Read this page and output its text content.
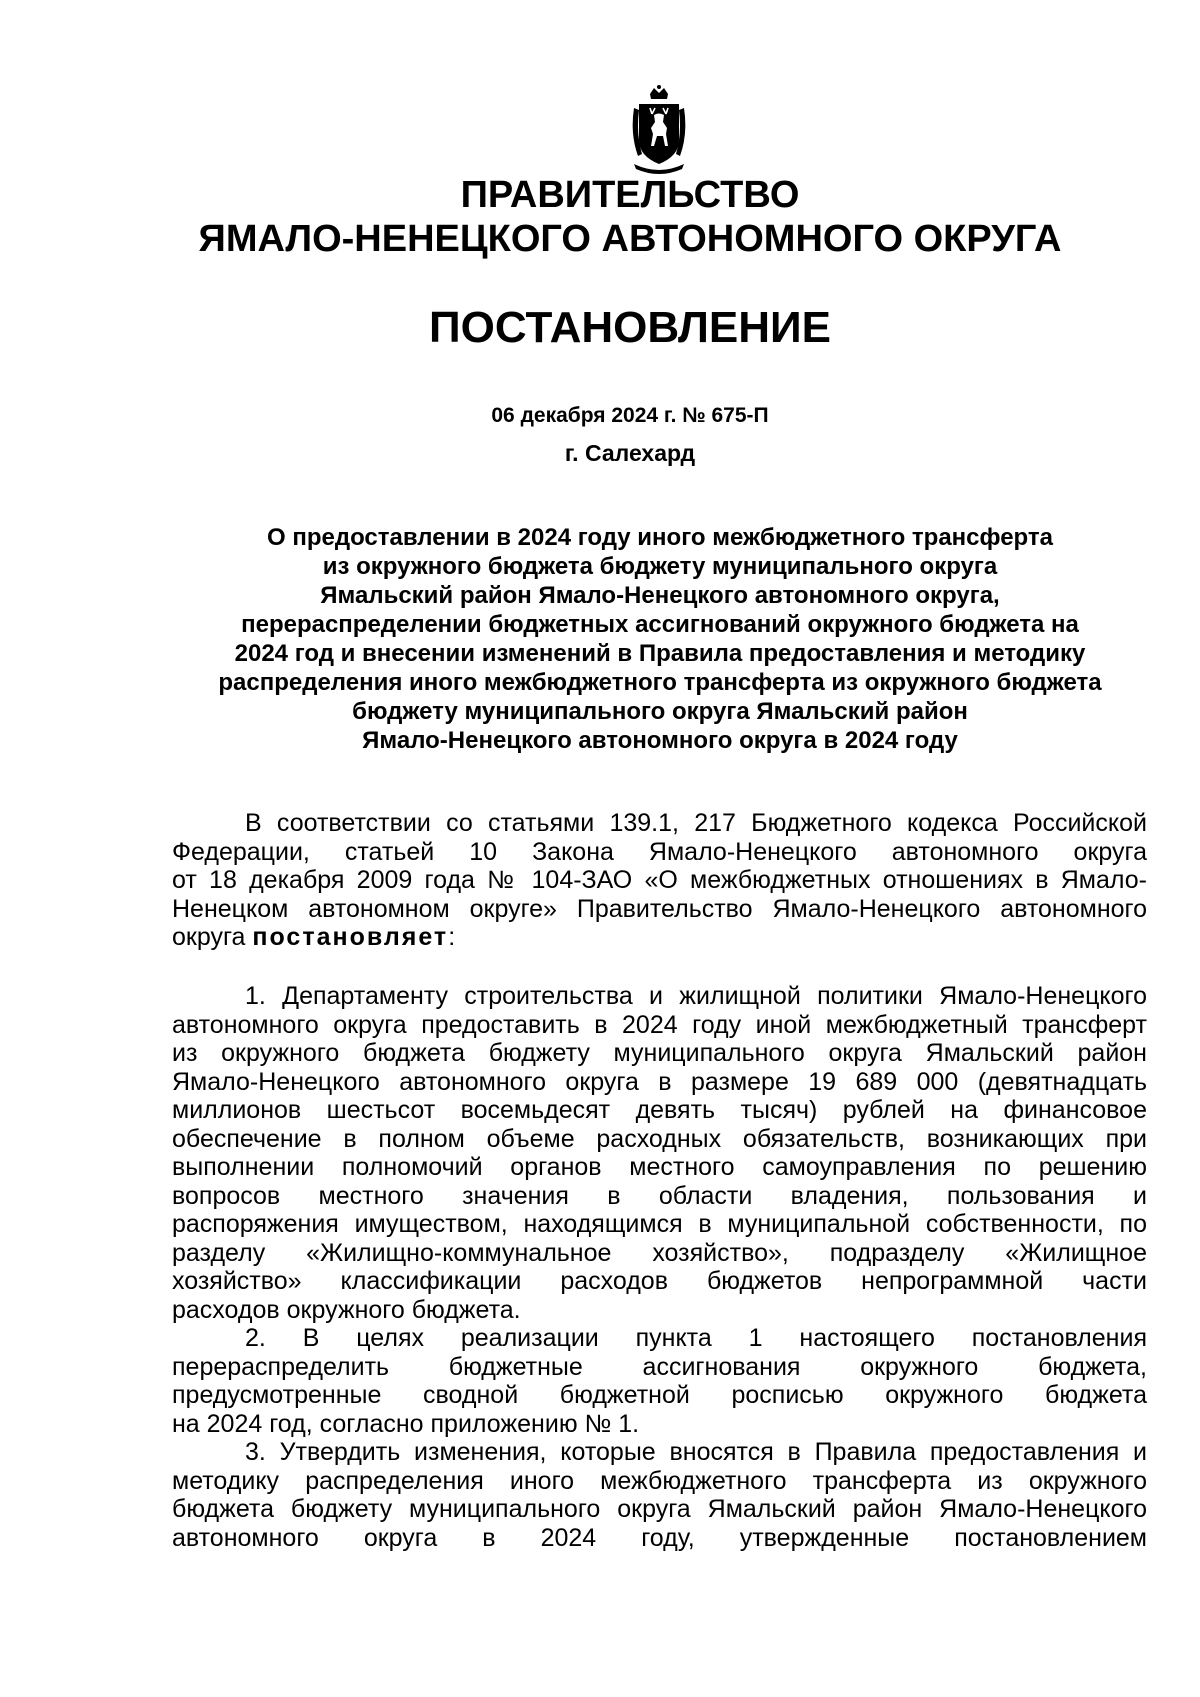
ПРАВИТЕЛЬСТВО
ЯМАЛО-НЕНЕЦКОГО АВТОНОМНОГО ОКРУГА
ПОСТАНОВЛЕНИЕ
06 декабря 2024 г. № 675-П
г. Салехард
О предоставлении в 2024 году иного межбюджетного трансферта
из окружного бюджета бюджету муниципального округа
Ямальский район Ямало-Ненецкого автономного округа,
перераспределении бюджетных ассигнований окружного бюджета на
2024 год и внесении изменений в Правила предоставления и методику
распределения иного межбюджетного трансферта из окружного бюджета
бюджету муниципального округа Ямальский район
Ямало-Ненецкого автономного округа в 2024 году
В соответствии со статьями 139.1, 217 Бюджетного кодекса Российской
Федерации, статьей 10 Закона Ямало-Ненецкого автономного округа
от 18 декабря 2009 года № 104-ЗАО «О межбюджетных отношениях в Ямало-
Ненецком автономном округе» Правительство Ямало-Ненецкого автономного
округа постановляет:
1. Департаменту строительства и жилищной политики Ямало-Ненецкого
автономного округа предоставить в 2024 году иной межбюджетный трансферт
из окружного бюджета бюджету муниципального округа Ямальский район
Ямало-Ненецкого автономного округа в размере 19 689 000 (девятнадцать
миллионов шестьсот восемьдесят девять тысяч) рублей на финансовое
обеспечение в полном объеме расходных обязательств, возникающих при
выполнении полномочий органов местного самоуправления по решению
вопросов местного значения в области владения, пользования и
распоряжения имуществом, находящимся в муниципальной собственности, по
разделу «Жилищно-коммунальное хозяйство», подразделу «Жилищное
хозяйство» классификации расходов бюджетов непрограммной части
расходов окружного бюджета.
2. В целях реализации пункта 1 настоящего постановления
перераспределить бюджетные ассигнования окружного бюджета,
предусмотренные сводной бюджетной росписью окружного бюджета
на 2024 год, согласно приложению № 1.
3. Утвердить изменения, которые вносятся в Правила предоставления и
методику распределения иного межбюджетного трансферта из окружного
бюджета бюджету муниципального округа Ямальский район Ямало-Ненецкого
автономного округа в 2024 году, утвержденные постановлением
